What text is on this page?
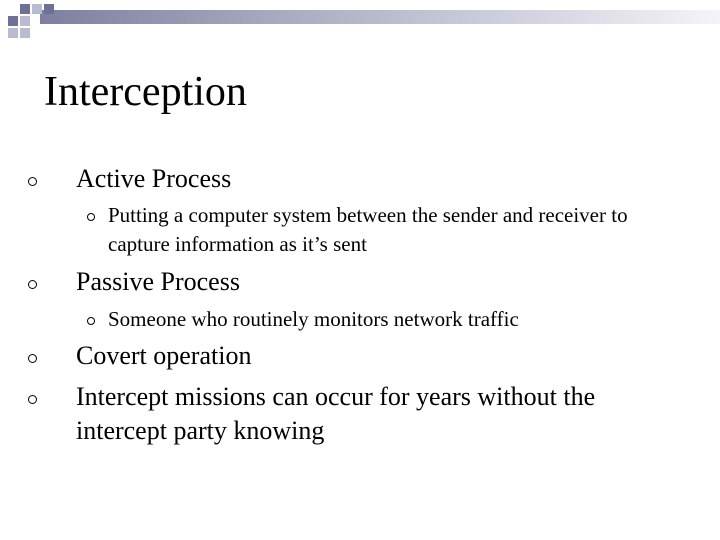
Interception
Active Process
Putting a computer system between the sender and receiver to capture information as it’s sent
Passive Process
Someone who routinely monitors network traffic
Covert operation
Intercept missions can occur for years without the intercept party knowing
